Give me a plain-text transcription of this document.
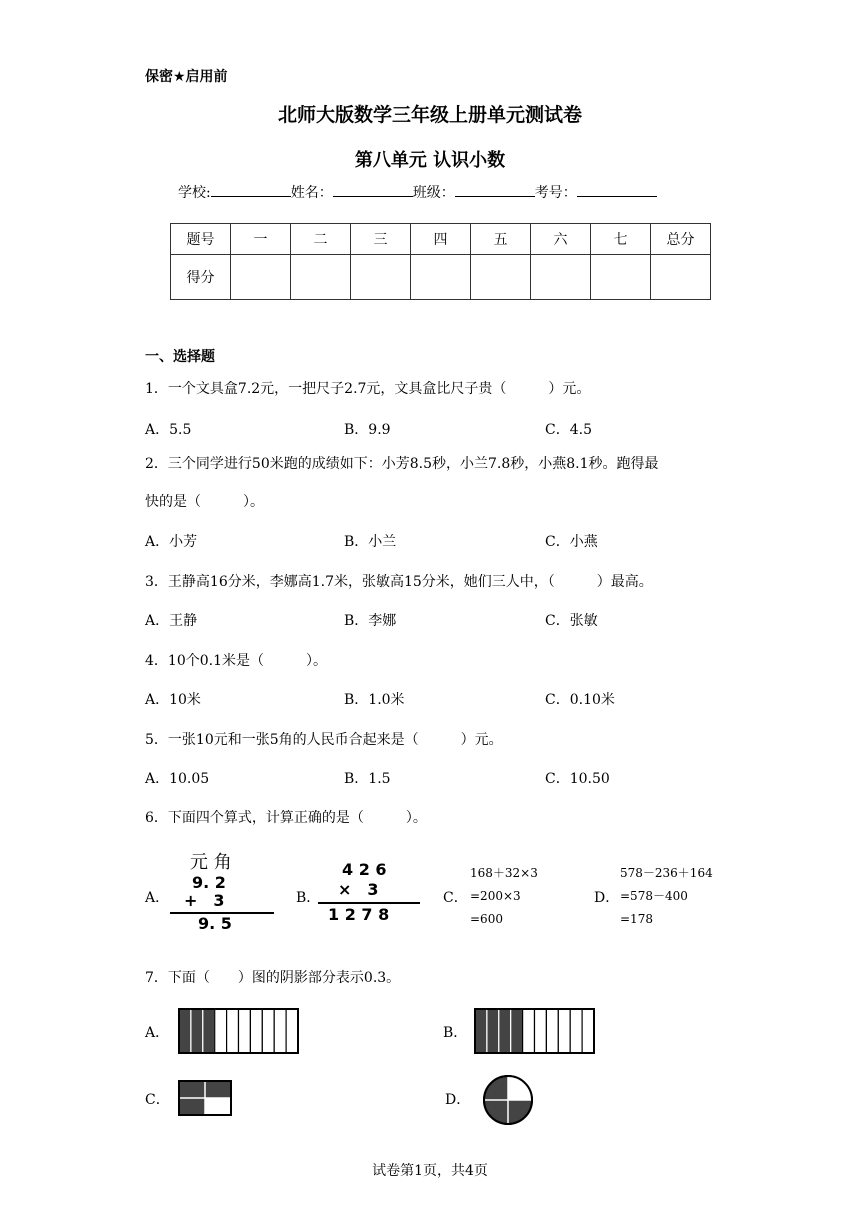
保密★启用前
北师大版数学三年级上册单元测试卷
第八单元 认识小数
学校:	姓名：	班级：	考号：
题号	一	二	三	四	五	六	七	总分
得分								
一、选择题
1．一个文具盒7.2元，一把尺子2.7元，文具盒比尺子贵（　　　）元。
A．5.5	B．9.9	C．4.5
2．三个同学进行50米跑的成绩如下：小芳8.5秒，小兰7.8秒，小燕8.1秒。跑得最
快的是（　　　）。
A．小芳	B．小兰	C．小燕
3．王静高16分米，李娜高1.7米，张敏高15分米，她们三人中，（　　　）最高。
A．王静	B．李娜	C．张敏
4．10个0.1米是（　　　）。
A．10米	B．1.0米	C．0.10米
5．一张10元和一张5角的人民币合起来是（　　　）元。
A．10.05	B．1.5	C．10.50
6．下面四个算式，计算正确的是（　　　）。
A．
元 角
9. 2
+　3
9. 5
B．
4 2 6
×　3
1 2 7 8
C．
168＋32×3
=200×3
=600
D．
578－236＋164
=578－400
=178
7．下面（　　）图的阴影部分表示0.3。
A．	B．
C．	D．
试卷第1页，共4页
